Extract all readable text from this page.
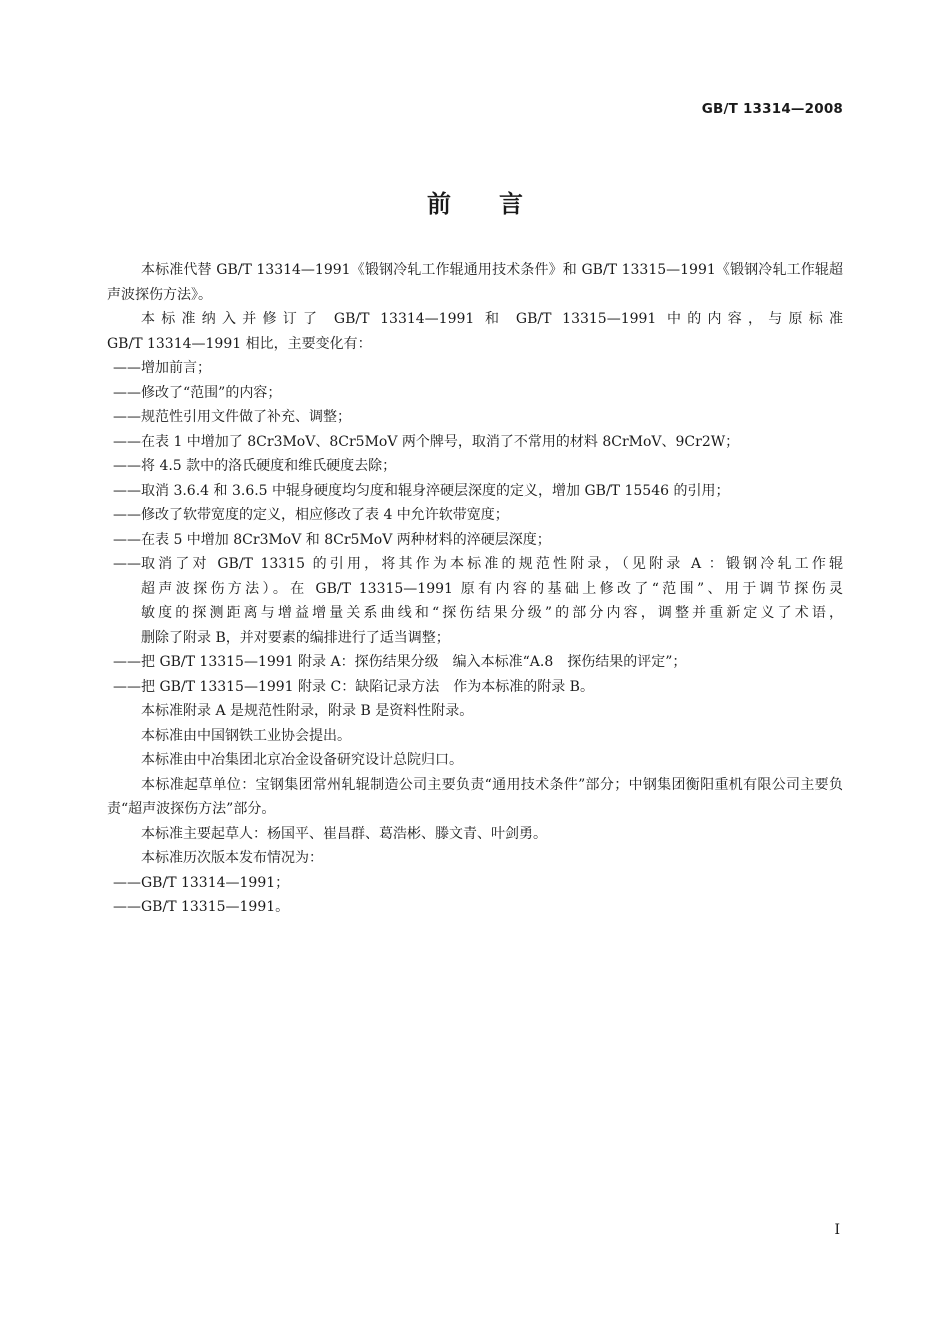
GB/T 13314—2008
前言
本标准代替 GB/T 13314—1991《锻钢冷轧工作辊通用技术条件》和 GB/T 13315—1991《锻钢冷轧工作辊超声波探伤方法》。
本标准纳入并修订了 GB/T 13314—1991 和 GB/T 13315—1991 中的内容，与原标准
GB/T 13314—1991 相比，主要变化有：
—— 增加前言；
—— 修改了“范围”的内容；
—— 规范性引用文件做了补充、调整；
—— 在表 1 中增加了 8Cr3MoV、8Cr5MoV 两个牌号，取消了不常用的材料 8CrMoV、9Cr2W；
—— 将 4.5 款中的洛氏硬度和维氏硬度去除；
—— 取消 3.6.4 和 3.6.5 中辊身硬度均匀度和辊身淬硬层深度的定义，增加 GB/T 15546 的引用；
—— 修改了软带宽度的定义，相应修改了表 4 中允许软带宽度；
—— 在表 5 中增加 8Cr3MoV 和 8Cr5MoV 两种材料的淬硬层深度；
—— 取消了对 GB/T 13315 的引用，将其作为本标准的规范性附录，（见附录 A ：锻钢冷轧工作辊
超声波探伤方法）。在 GB/T 13315—1991 原有内容的基础上修改了“范围”、用于调节探伤灵
敏度的探测距离与增益增量关系曲线和“探伤结果分级”的部分内容，调整并重新定义了术语，
删除了附录 B，并对要素的编排进行了适当调整；
—— 把 GB/T 13315—1991 附录 A：探伤结果分级　编入本标准“A.8　探伤结果的评定”；
—— 把 GB/T 13315—1991 附录 C：缺陷记录方法　作为本标准的附录 B。
本标准附录 A 是规范性附录，附录 B 是资料性附录。
本标准由中国钢铁工业协会提出。
本标准由中冶集团北京冶金设备研究设计总院归口。
本标准起草单位：宝钢集团常州轧辊制造公司主要负责“通用技术条件”部分；中钢集团衡阳重机有限公司主要负责“超声波探伤方法”部分。
本标准主要起草人：杨国平、崔昌群、葛浩彬、滕文青、叶剑勇。
本标准历次版本发布情况为：
—— GB/T 13314—1991；
—— GB/T 13315—1991。
I
